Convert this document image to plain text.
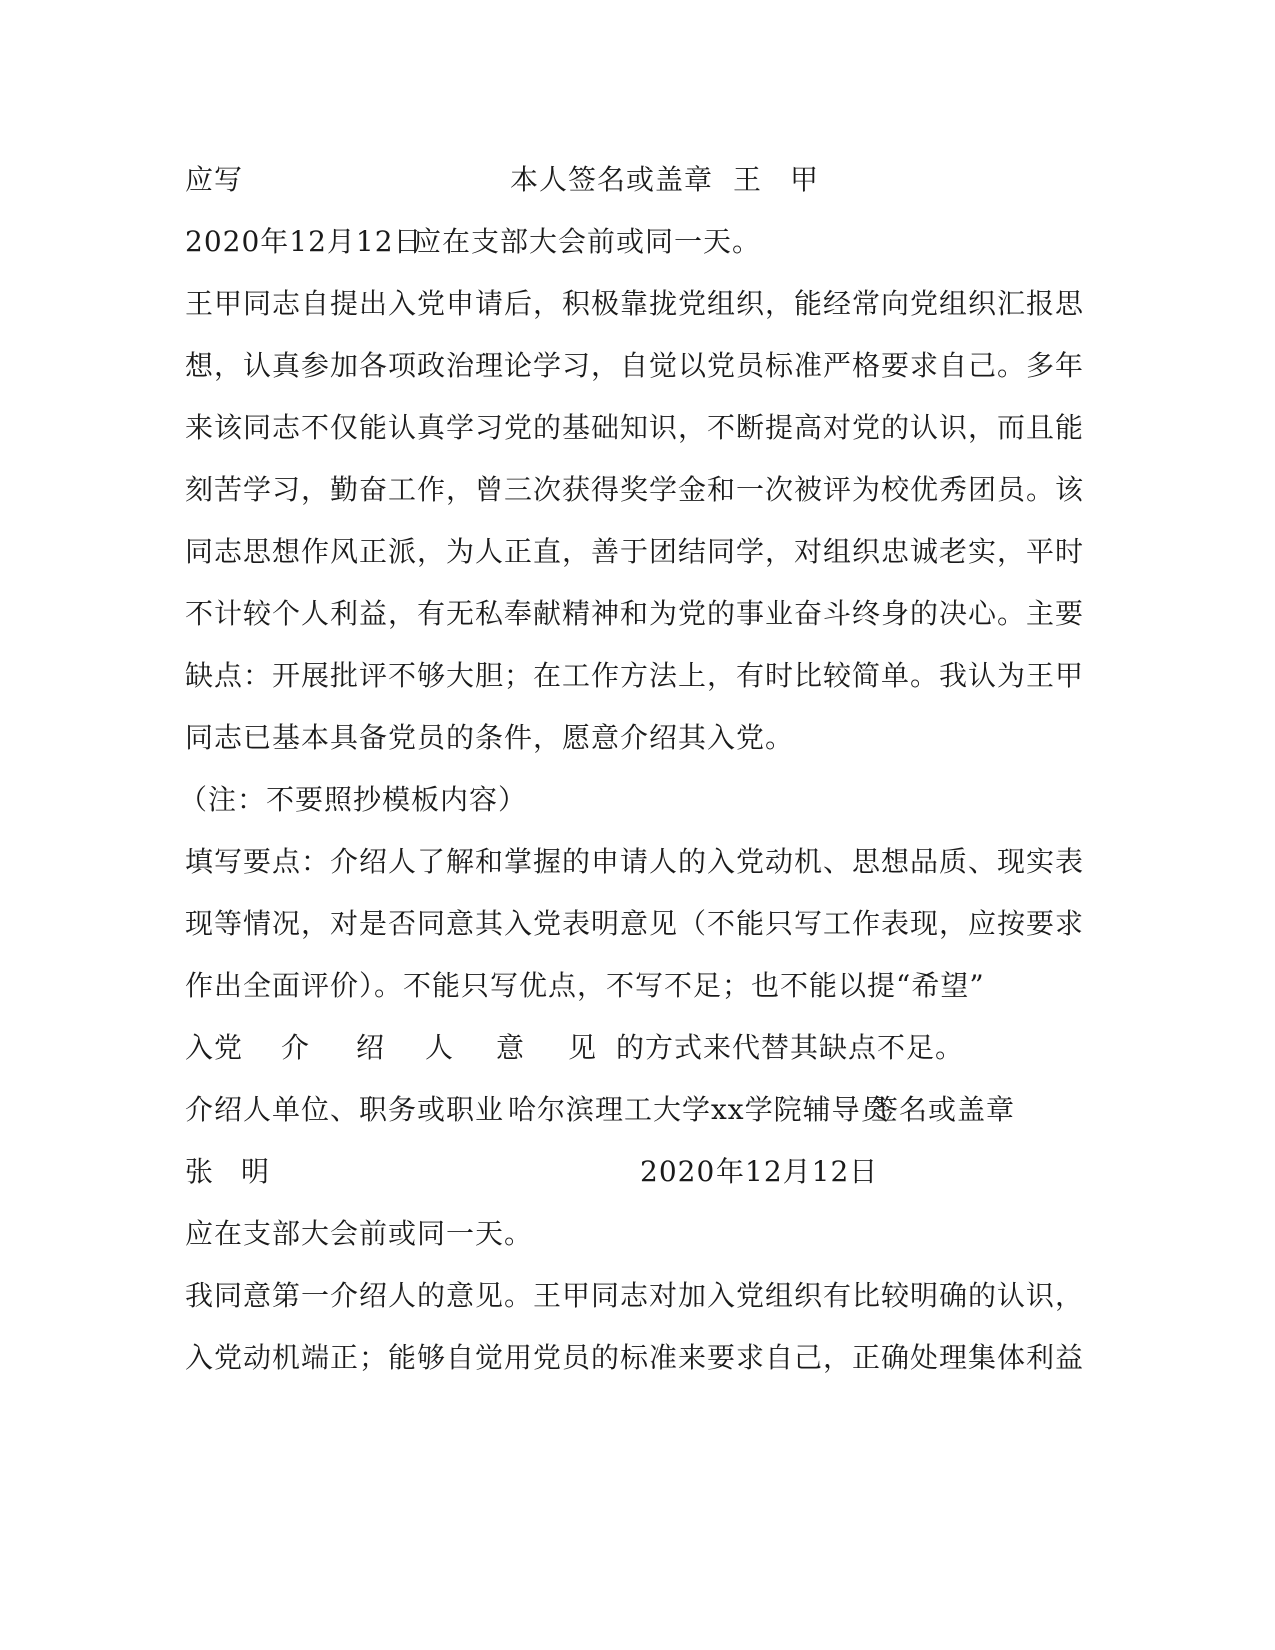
应写	本人签名或盖章 王 甲
2020年12月12日
应在支部大会前或同一天。
王甲同志自提出入党申请后，积极靠拢党组织，能经常向党组织汇报思
想，认真参加各项政治理论学习，自觉以党员标准严格要求自己。多年
来该同志不仅能认真学习党的基础知识，不断提高对党的认识，而且能
刻苦学习，勤奋工作，曾三次获得奖学金和一次被评为校优秀团员。该
同志思想作风正派，为人正直，善于团结同学，对组织忠诚老实，平时
不计较个人利益，有无私奉献精神和为党的事业奋斗终身的决心。主要
缺点：开展批评不够大胆；在工作方法上，有时比较简单。我认为王甲
同志已基本具备党员的条件，愿意介绍其入党。
（注：不要照抄模板内容）
填写要点：介绍人了解和掌握的申请人的入党动机、思想品质、现实表
现等情况，对是否同意其入党表明意见（不能只写工作表现，应按要求
作出全面评价）。不能只写优点，不写不足；也不能以提“希望”
入党 介 绍 人 意 见 的方式来代替其缺点不足。
介绍人单位、职务或职业 哈尔滨理工大学xx学院辅导员
签名或盖章
张 明	2020 年12月12日
应在支部大会前或同一天。
我同意第一介绍人的意见。王甲同志对加入党组织有比较明确的认识，
入党动机端正；能够自觉用党员的标准来要求自己，正确处理集体利益
